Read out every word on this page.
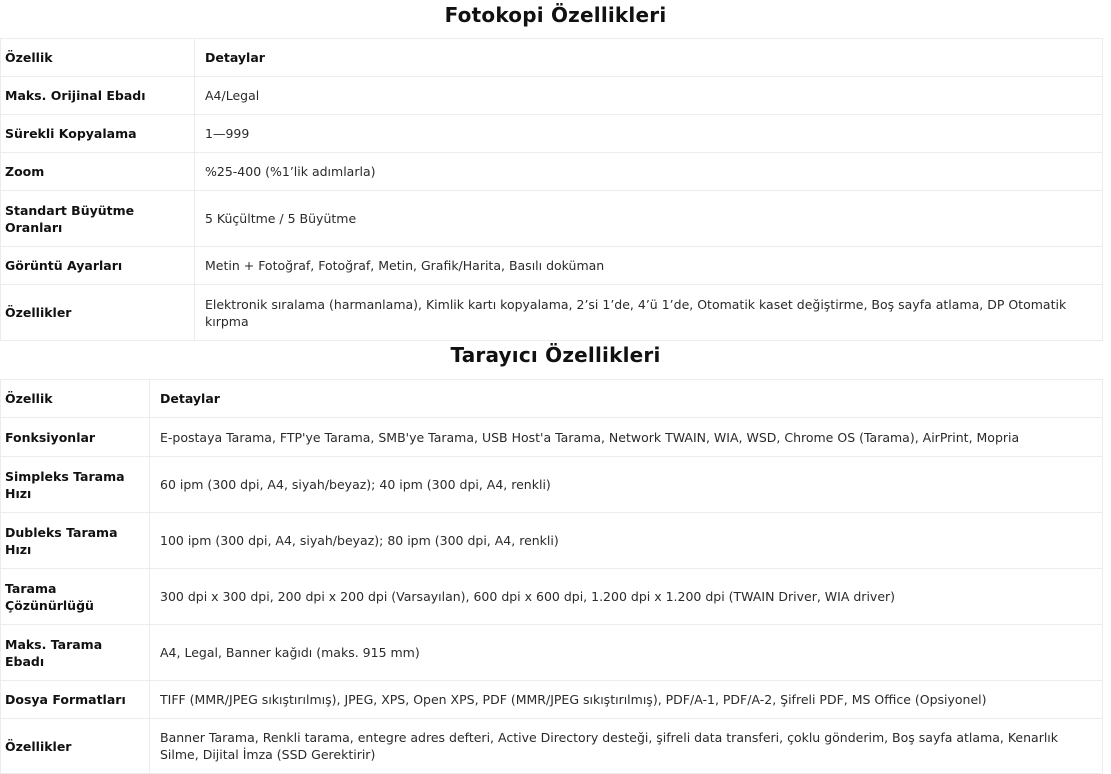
Fotokopi Özellikleri
Özellik	Detaylar
Maks. Orijinal Ebadı	A4/Legal
Sürekli Kopyalama	1—999
Zoom	%25-400 (%1’lik adımlarla)
Standart Büyütme Oranları	5 Küçültme / 5 Büyütme
Görüntü Ayarları	Metin + Fotoğraf, Fotoğraf, Metin, Grafik/Harita, Basılı doküman
Özellikler	Elektronik sıralama (harmanlama), Kimlik kartı kopyalama, 2’si 1’de, 4’ü 1’de, Otomatik kaset değiştirme, Boş sayfa atlama, DP Otomatik kırpma
Tarayıcı Özellikleri
Özellik	Detaylar
Fonksiyonlar	E-postaya Tarama, FTP'ye Tarama, SMB'ye Tarama, USB Host'a Tarama, Network TWAIN, WIA, WSD, Chrome OS (Tarama), AirPrint, Mopria
Simpleks Tarama Hızı	60 ipm (300 dpi, A4, siyah/beyaz); 40 ipm (300 dpi, A4, renkli)
Dubleks Tarama Hızı	100 ipm (300 dpi, A4, siyah/beyaz); 80 ipm (300 dpi, A4, renkli)
Tarama Çözünürlüğü	300 dpi x 300 dpi, 200 dpi x 200 dpi (Varsayılan), 600 dpi x 600 dpi, 1.200 dpi x 1.200 dpi (TWAIN Driver, WIA driver)
Maks. Tarama Ebadı	A4, Legal, Banner kağıdı (maks. 915 mm)
Dosya Formatları	TIFF (MMR/JPEG sıkıştırılmış), JPEG, XPS, Open XPS, PDF (MMR/JPEG sıkıştırılmış), PDF/A-1, PDF/A-2, Şifreli PDF, MS Office (Opsiyonel)
Özellikler	Banner Tarama, Renkli tarama, entegre adres defteri, Active Directory desteği, şifreli data transferi, çoklu gönderim, Boş sayfa atlama, Kenarlık Silme, Dijital İmza (SSD Gerektirir)
